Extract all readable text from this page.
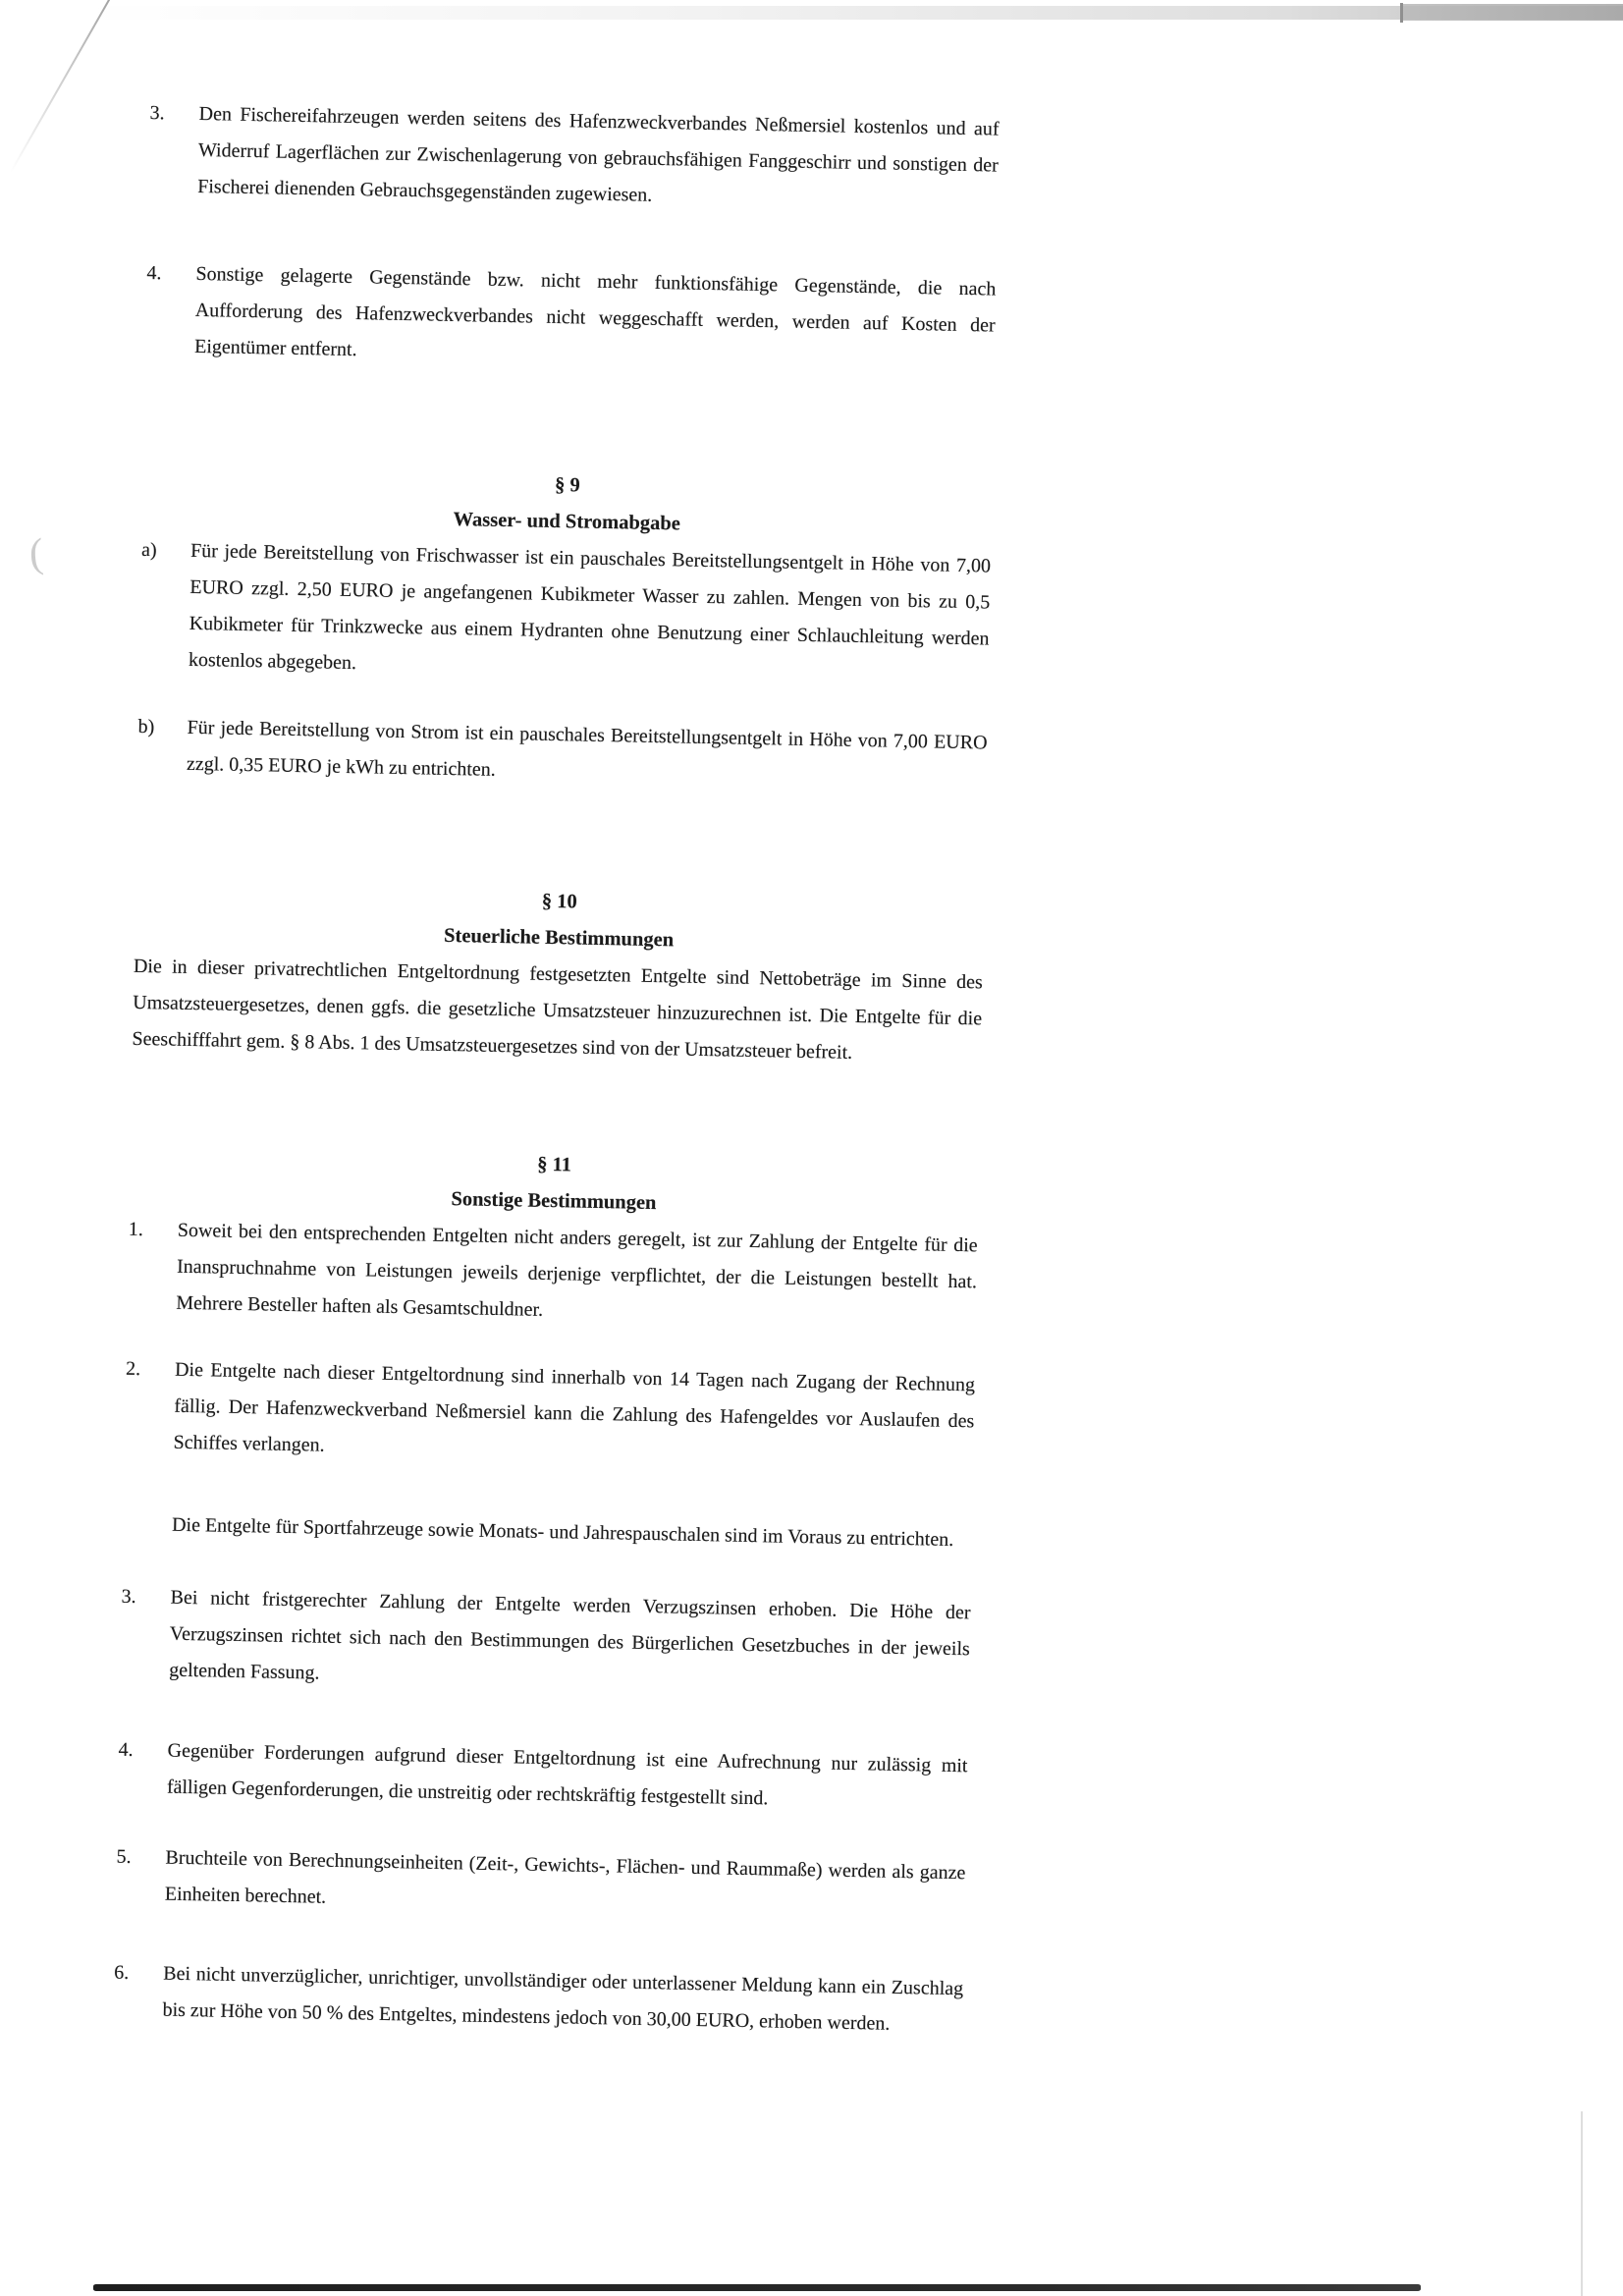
(
3.	Den Fischereifahrzeugen werden seitens des Hafenzweckverbandes Neßmersiel kostenlos und auf Widerruf Lagerflächen zur Zwischenlagerung von gebrauchsfähigen Fanggeschirr und sonstigen der Fischerei dienenden Gebrauchsgegenständen zugewiesen.
4.	Sonstige gelagerte Gegenstände bzw. nicht mehr funktionsfähige Gegenstände, die nach Aufforderung des Hafenzweckverbandes nicht weggeschafft werden, werden auf Kosten der Eigentümer entfernt.
§ 9
Wasser- und Stromabgabe
a)	Für jede Bereitstellung von Frischwasser ist ein pauschales Bereitstellungsentgelt in Höhe von 7,00 EURO zzgl. 2,50 EURO je angefangenen Kubikmeter Wasser zu zahlen. Mengen von bis zu 0,5 Kubikmeter für Trinkzwecke aus einem Hydranten ohne Benutzung einer Schlauchleitung werden kostenlos abgegeben.
b)	Für jede Bereitstellung von Strom ist ein pauschales Bereitstellungsentgelt in Höhe von 7,00 EURO zzgl. 0,35 EURO je kWh zu entrichten.
§ 10
Steuerliche Bestimmungen
Die in dieser privatrechtlichen Entgeltordnung festgesetzten Entgelte sind Nettobeträge im Sinne des Umsatzsteuergesetzes, denen ggfs. die gesetzliche Umsatzsteuer hinzuzurechnen ist. Die Entgelte für die Seeschifffahrt gem. § 8 Abs. 1 des Umsatzsteuergesetzes sind von der Umsatzsteuer befreit.
§ 11
Sonstige Bestimmungen
1.	Soweit bei den entsprechenden Entgelten nicht anders geregelt, ist zur Zahlung der Entgelte für die Inanspruchnahme von Leistungen jeweils derjenige verpflichtet, der die Leistungen bestellt hat. Mehrere Besteller haften als Gesamtschuldner.
2.	Die Entgelte nach dieser Entgeltordnung sind innerhalb von 14 Tagen nach Zugang der Rechnung fällig. Der Hafenzweckverband Neßmersiel kann die Zahlung des Hafengeldes vor Auslaufen des Schiffes verlangen.
Die Entgelte für Sportfahrzeuge sowie Monats- und Jahrespauschalen sind im Voraus zu entrichten.
3.	Bei nicht fristgerechter Zahlung der Entgelte werden Verzugszinsen erhoben. Die Höhe der Verzugszinsen richtet sich nach den Bestimmungen des Bürgerlichen Gesetzbuches in der jeweils geltenden Fassung.
4.	Gegenüber Forderungen aufgrund dieser Entgeltordnung ist eine Aufrechnung nur zulässig mit fälligen Gegenforderungen, die unstreitig oder rechtskräftig festgestellt sind.
5.	Bruchteile von Berechnungseinheiten (Zeit-, Gewichts-, Flächen- und Raummaße) werden als ganze Einheiten berechnet.
6.	Bei nicht unverzüglicher, unrichtiger, unvollständiger oder unterlassener Meldung kann ein Zuschlag bis zur Höhe von 50 % des Entgeltes, mindestens jedoch von 30,00 EURO, erhoben werden.
